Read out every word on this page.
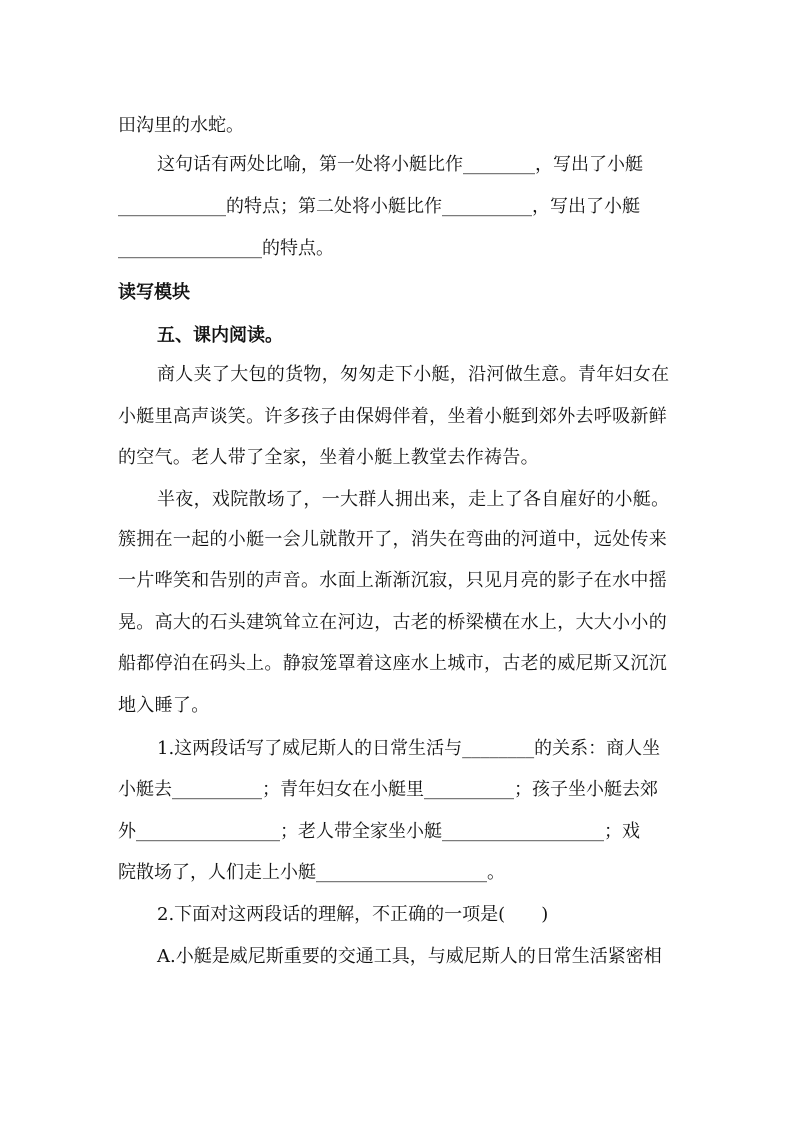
田沟里的水蛇。
这句话有两处比喻，第一处将小艇比作________，写出了小艇
____________的特点；第二处将小艇比作__________，写出了小艇
________________的特点。
读写模块
五、课内阅读。
商人夹了大包的货物，匆匆走下小艇，沿河做生意。青年妇女在
小艇里高声谈笑。许多孩子由保姆伴着，坐着小艇到郊外去呼吸新鲜
的空气。老人带了全家，坐着小艇上教堂去作祷告。
半夜，戏院散场了，一大群人拥出来，走上了各自雇好的小艇。
簇拥在一起的小艇一会儿就散开了，消失在弯曲的河道中，远处传来
一片哗笑和告别的声音。水面上渐渐沉寂，只见月亮的影子在水中摇
晃。高大的石头建筑耸立在河边，古老的桥梁横在水上，大大小小的
船都停泊在码头上。静寂笼罩着这座水上城市，古老的威尼斯又沉沉
地入睡了。
1.这两段话写了威尼斯人的日常生活与________的关系：商人坐
小艇去__________；青年妇女在小艇里__________；孩子坐小艇去郊
外________________；老人带全家坐小艇__________________；戏
院散场了，人们走上小艇___________________。
2.下面对这两段话的理解，不正确的一项是(　　)
A.小艇是威尼斯重要的交通工具，与威尼斯人的日常生活紧密相
